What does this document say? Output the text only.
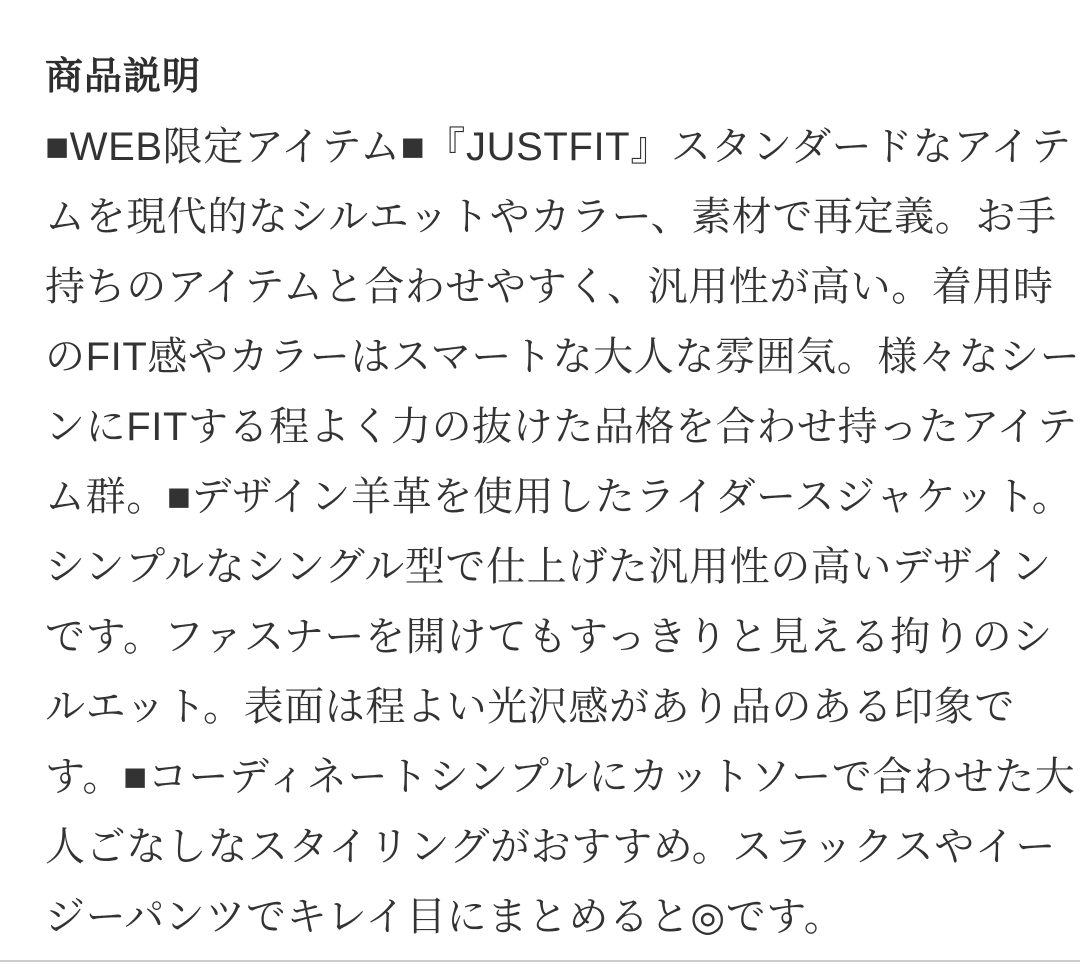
商品説明
■WEB限定アイテム■『JUSTFIT』スタンダードなアイテ
ムを現代的なシルエットやカラー、素材で再定義。お手
持ちのアイテムと合わせやすく、汎用性が高い。着用時
のFIT感やカラーはスマートな大人な雰囲気。様々なシー
ンにFITする程よく力の抜けた品格を合わせ持ったアイテ
ム群。■デザイン羊革を使用したライダースジャケット。
シンプルなシングル型で仕上げた汎用性の高いデザイン
です。ファスナーを開けてもすっきりと見える拘りのシ
ルエット。表面は程よい光沢感があり品のある印象で
す。■コーディネートシンプルにカットソーで合わせた大
人ごなしなスタイリングがおすすめ。スラックスやイー
ジーパンツでキレイ目にまとめると◎です。
